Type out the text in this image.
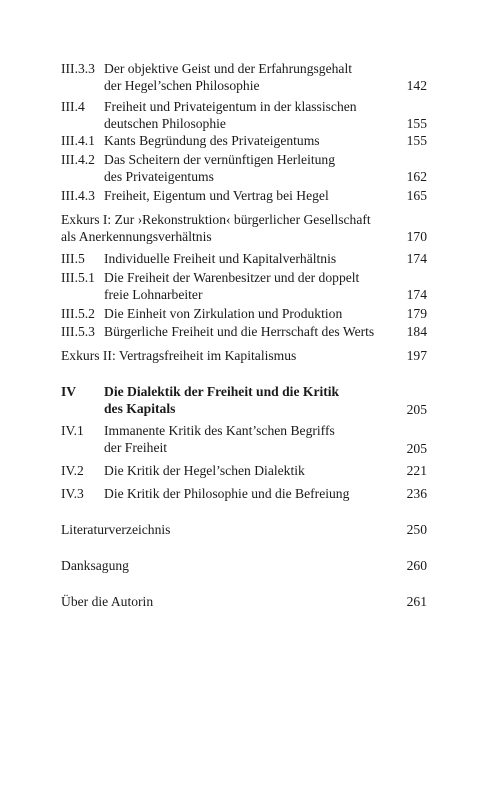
III.3.3 Der objektive Geist und der Erfahrungsgehalt
der Hegel’schen Philosophie	142
III.4 Freiheit und Privateigentum in der klassischen
deutschen Philosophie	155
III.4.1 Kants Begründung des Privateigentums	155
III.4.2 Das Scheitern der vernünftigen Herleitung
des Privateigentums	162
III.4.3 Freiheit, Eigentum und Vertrag bei Hegel	165
Exkurs I: Zur ›Rekonstruktion‹ bürgerlicher Gesellschaft
als Anerkennungsverhältnis	170
III.5 Individuelle Freiheit und Kapitalverhältnis	174
III.5.1 Die Freiheit der Warenbesitzer und der doppelt
freie Lohnarbeiter	174
III.5.2 Die Einheit von Zirkulation und Produktion	179
III.5.3 Bürgerliche Freiheit und die Herrschaft des Werts	184
Exkurs II: Vertragsfreiheit im Kapitalismus	197
IV Die Dialektik der Freiheit und die Kritik
des Kapitals	205
IV.1 Immanente Kritik des Kant’schen Begriffs
der Freiheit	205
IV.2 Die Kritik der Hegel’schen Dialektik	221
IV.3 Die Kritik der Philosophie und die Befreiung	236
Literaturverzeichnis	250
Danksagung	260
Über die Autorin	261
